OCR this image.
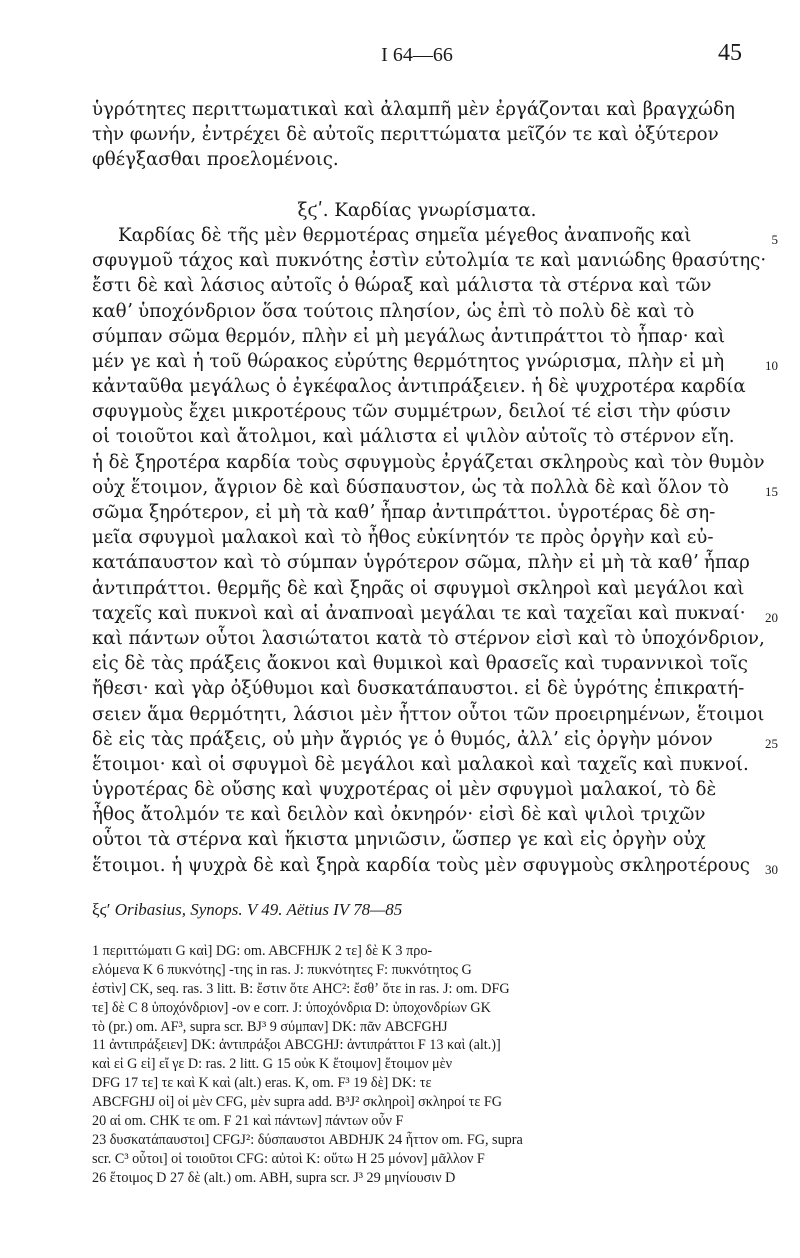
I 64—66	45
ὑγρότητες περιττωματικαὶ καὶ ἀλαμπῆ μὲν ἐργάζονται καὶ βραγχώδη
τὴν φωνήν, ἐντρέχει δὲ αὐτοῖς περιττώματα μεῖζόν τε καὶ ὀξύτερον
φθέγξασθαι προελομένοις.
ξϛʹ. Καρδίας γνωρίσματα.
Καρδίας δὲ τῆς μὲν θερμοτέρας σημεῖα μέγεθος ἀναπνοῆς καὶ	5
σφυγμοῦ τάχος καὶ πυκνότης ἐστὶν εὐτολμία τε καὶ μανιώδης θρασύτης·
ἔστι δὲ καὶ λάσιος αὐτοῖς ὁ θώραξ καὶ μάλιστα τὰ στέρνα καὶ τῶν
καθʼ ὑποχόνδριον ὅσα τούτοις πλησίον, ὡς ἐπὶ τὸ πολὺ δὲ καὶ τὸ
σύμπαν σῶμα θερμόν, πλὴν εἰ μὴ μεγάλως ἀντιπράττοι τὸ ἧπαρ· καὶ
μέν γε καὶ ἡ τοῦ θώρακος εὐρύτης θερμότητος γνώρισμα, πλὴν εἰ μὴ	10
κἀνταῦθα μεγάλως ὁ ἐγκέφαλος ἀντιπράξειεν. ἡ δὲ ψυχροτέρα καρδία
σφυγμοὺς ἔχει μικροτέρους τῶν συμμέτρων, δειλοί τέ εἰσι τὴν φύσιν
οἱ τοιοῦτοι καὶ ἄτολμοι, καὶ μάλιστα εἰ ψιλὸν αὐτοῖς τὸ στέρνον εἴη.
ἡ δὲ ξηροτέρα καρδία τοὺς σφυγμοὺς ἐργάζεται σκληροὺς καὶ τὸν θυμὸν
οὐχ ἕτοιμον, ἄγριον δὲ καὶ δύσπαυστον, ὡς τὰ πολλὰ δὲ καὶ ὅλον τὸ	15
σῶμα ξηρότερον, εἰ μὴ τὰ καθʼ ἧπαρ ἀντιπράττοι. ὑγροτέρας δὲ ση-
μεῖα σφυγμοὶ μαλακοὶ καὶ τὸ ἦθος εὐκίνητόν τε πρὸς ὀργὴν καὶ εὐ-
κατάπαυστον καὶ τὸ σύμπαν ὑγρότερον σῶμα, πλὴν εἰ μὴ τὰ καθʼ ἧπαρ
ἀντιπράττοι. θερμῆς δὲ καὶ ξηρᾶς οἱ σφυγμοὶ σκληροὶ καὶ μεγάλοι καὶ
ταχεῖς καὶ πυκνοὶ καὶ αἱ ἀναπνοαὶ μεγάλαι τε καὶ ταχεῖαι καὶ πυκναί· 20
καὶ πάντων οὗτοι λασιώτατοι κατὰ τὸ στέρνον εἰσὶ καὶ τὸ ὑποχόνδριον,
εἰς δὲ τὰς πράξεις ἄοκνοι καὶ θυμικοὶ καὶ θρασεῖς καὶ τυραννικοὶ τοῖς
ἤθεσι· καὶ γὰρ ὀξύθυμοι καὶ δυσκατάπαυστοι. εἰ δὲ ὑγρότης ἐπικρατή-
σειεν ἅμα θερμότητι, λάσιοι μὲν ἧττον οὗτοι τῶν προειρημένων, ἕτοιμοι
δὲ εἰς τὰς πράξεις, οὐ μὴν ἄγριός γε ὁ θυμός, ἀλλʼ εἰς ὀργὴν μόνον	25
ἕτοιμοι· καὶ οἱ σφυγμοὶ δὲ μεγάλοι καὶ μαλακοὶ καὶ ταχεῖς καὶ πυκνοί.
ὑγροτέρας δὲ οὔσης καὶ ψυχροτέρας οἱ μὲν σφυγμοὶ μαλακοί, τὸ δὲ
ἦθος ἄτολμόν τε καὶ δειλὸν καὶ ὀκνηρόν· εἰσὶ δὲ καὶ ψιλοὶ τριχῶν
οὗτοι τὰ στέρνα καὶ ἥκιστα μηνιῶσιν, ὥσπερ γε καὶ εἰς ὀργὴν οὐχ
ἕτοιμοι. ἡ ψυχρὰ δὲ καὶ ξηρὰ καρδία τοὺς μὲν σφυγμοὺς σκληροτέρους 30
ξϛʹ Oribasius, Synops. V 49. Aëtius IV 78—85
1 περιττώματι G καὶ] DG: om. ABCFHJK 2 τε] δὲ K 3 προ-
ελόμενα K 6 πυκνότης] -της in ras. J: πυκνότητες F: πυκνότητος G
ἐστὶν] CK, seq. ras. 3 litt. B: ἔστιν ὅτε AHC²: ἔσθʼ ὅτε in ras. J: om. DFG
τε] δὲ C 8 ὑποχόνδριον] -ον e corr. J: ὑποχόνδρια D: ὑποχονδρίων GK
τὸ (pr.) om. AF³, supra scr. BJ³ 9 σύμπαν] DK: πᾶν ABCFGHJ
11 ἀντιπράξειεν] DK: ἀντιπράξοι ABCGHJ: ἀντιπράττοι F 13 καὶ (alt.)]
καὶ εἰ G εἰ] εἴ γε D: ras. 2 litt. G 15 οὐκ K ἕτοιμον] ἕτοιμον μὲν
DFG 17 τε] τε καὶ K καὶ (alt.) eras. K, om. F³ 19 δὲ] DK: τε
ABCFGHJ οἱ] οἱ μὲν CFG, μὲν supra add. B³J² σκληροὶ] σκληροί τε FG
20 αἱ om. CHK τε om. F 21 καὶ πάντων] πάντων οὖν F
23 δυσκατάπαυστοι] CFGJ²: δύσπαυστοι ABDHJK 24 ἧττον om. FG, supra
scr. C³ οὗτοι] οἱ τοιοῦτοι CFG: αὐτοὶ K: οὕτω H 25 μόνον] μᾶλλον F
26 ἕτοιμος D 27 δὲ (alt.) om. ABH, supra scr. J³ 29 μηνίουσιν D
